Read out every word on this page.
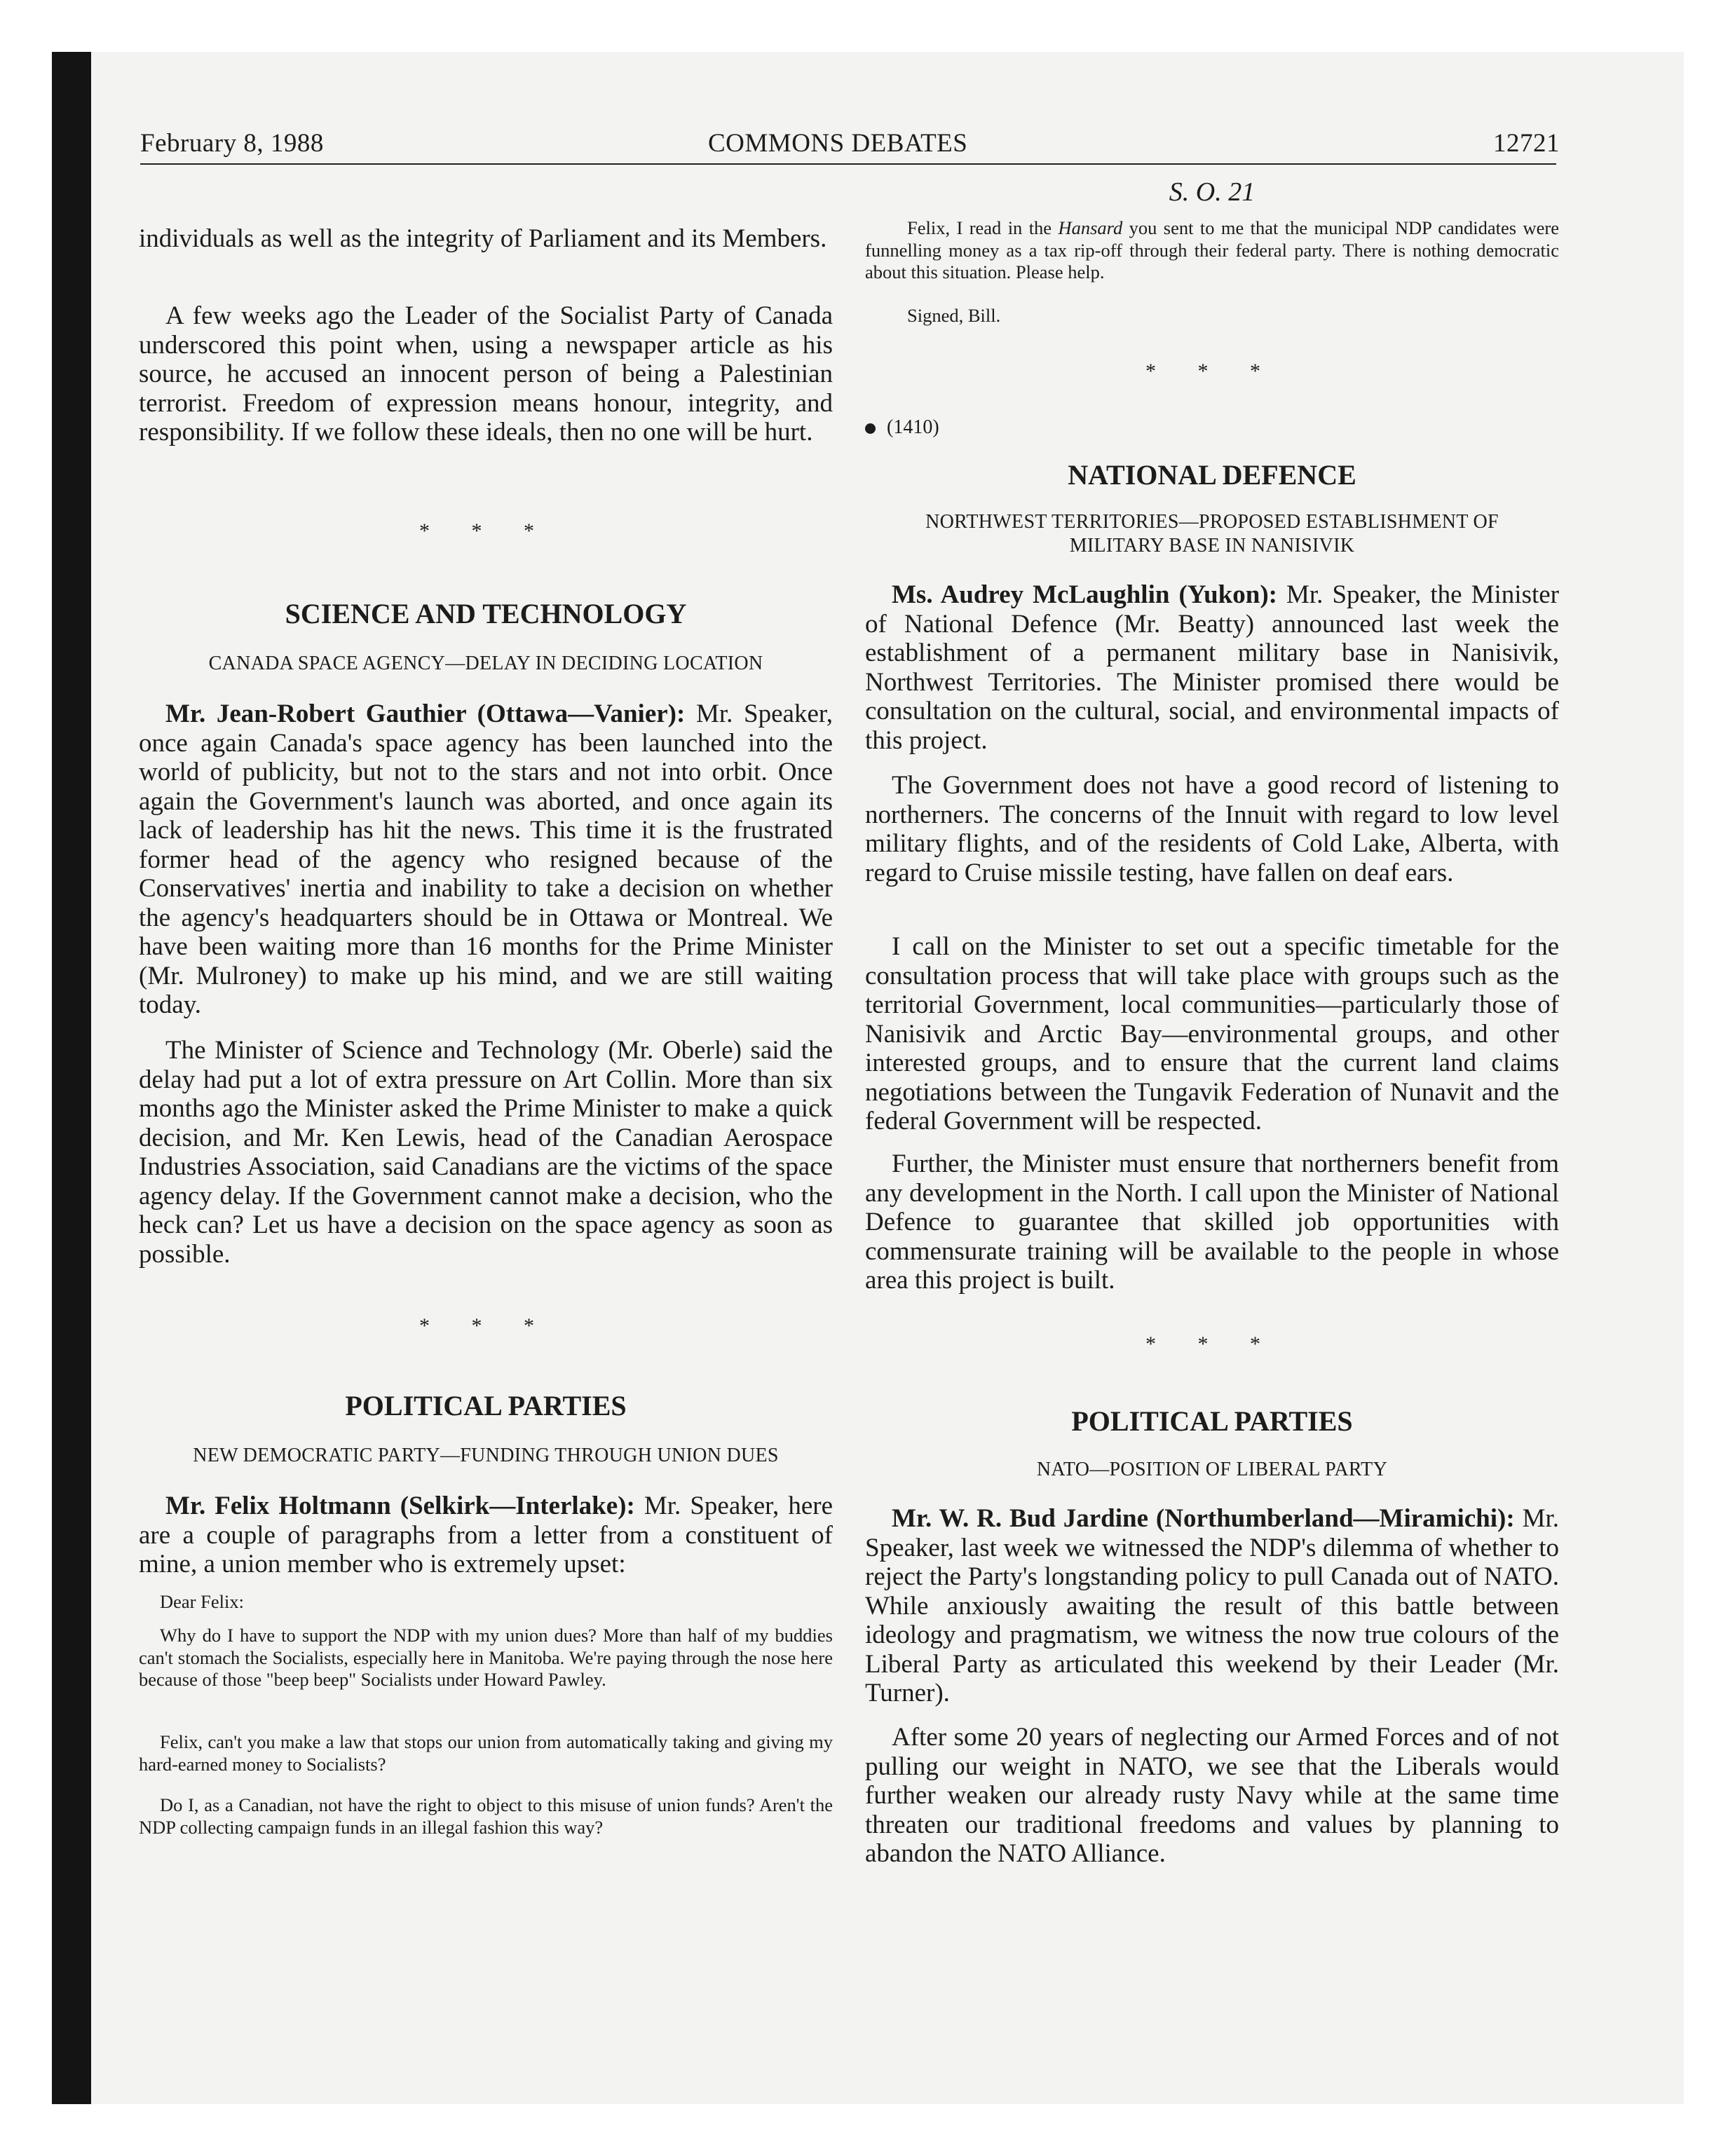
February 8, 1988	COMMONS DEBATES	12721

individuals as well as the integrity of Parliament and its Members.

A few weeks ago the Leader of the Socialist Party of Canada underscored this point when, using a newspaper article as his source, he accused an innocent person of being a Palestinian terrorist. Freedom of expression means honour, integrity, and responsibility. If we follow these ideals, then no one will be hurt.

* * *
SCIENCE AND TECHNOLOGY
CANADA SPACE AGENCY—DELAY IN DECIDING LOCATION

Mr. Jean-Robert Gauthier (Ottawa—Vanier): Mr. Speaker, once again Canada's space agency has been launched into the world of publicity, but not to the stars and not into orbit. Once again the Government's launch was aborted, and once again its lack of leadership has hit the news. This time it is the frustrated former head of the agency who resigned because of the Conservatives' inertia and inability to take a decision on whether the agency's headquarters should be in Ottawa or Montreal. We have been waiting more than 16 months for the Prime Minister (Mr. Mulroney) to make up his mind, and we are still waiting today.

The Minister of Science and Technology (Mr. Oberle) said the delay had put a lot of extra pressure on Art Collin. More than six months ago the Minister asked the Prime Minister to make a quick decision, and Mr. Ken Lewis, head of the Canadian Aerospace Industries Association, said Canadians are the victims of the space agency delay. If the Government cannot make a decision, who the heck can? Let us have a decision on the space agency as soon as possible.

* * *
POLITICAL PARTIES
NEW DEMOCRATIC PARTY—FUNDING THROUGH UNION DUES

Mr. Felix Holtmann (Selkirk—Interlake): Mr. Speaker, here are a couple of paragraphs from a letter from a constituent of mine, a union member who is extremely upset:

Dear Felix:
Why do I have to support the NDP with my union dues? More than half of my buddies can't stomach the Socialists, especially here in Manitoba. We're paying through the nose here because of those "beep beep" Socialists under Howard Pawley.
Felix, can't you make a law that stops our union from automatically taking and giving my hard-earned money to Socialists?
Do I, as a Canadian, not have the right to object to this misuse of union funds? Aren't the NDP collecting campaign funds in an illegal fashion this way?
S. O. 21
Felix, I read in the Hansard you sent to me that the municipal NDP candidates were funnelling money as a tax rip-off through their federal party. There is nothing democratic about this situation. Please help.
Signed, Bill.
* * *
(1410)
NATIONAL DEFENCE
NORTHWEST TERRITORIES—PROPOSED ESTABLISHMENT OF
MILITARY BASE IN NANISIVIK

Ms. Audrey McLaughlin (Yukon): Mr. Speaker, the Minister of National Defence (Mr. Beatty) announced last week the establishment of a permanent military base in Nanisivik, Northwest Territories. The Minister promised there would be consultation on the cultural, social, and environmental impacts of this project.

The Government does not have a good record of listening to northerners. The concerns of the Innuit with regard to low level military flights, and of the residents of Cold Lake, Alberta, with regard to Cruise missile testing, have fallen on deaf ears.

I call on the Minister to set out a specific timetable for the consultation process that will take place with groups such as the territorial Government, local communities—particularly those of Nanisivik and Arctic Bay—environmental groups, and other interested groups, and to ensure that the current land claims negotiations between the Tungavik Federation of Nunavit and the federal Government will be respected.

Further, the Minister must ensure that northerners benefit from any development in the North. I call upon the Minister of National Defence to guarantee that skilled job opportunities with commensurate training will be available to the people in whose area this project is built.

* * *
POLITICAL PARTIES
NATO—POSITION OF LIBERAL PARTY

Mr. W. R. Bud Jardine (Northumberland—Miramichi): Mr. Speaker, last week we witnessed the NDP's dilemma of whether to reject the Party's longstanding policy to pull Canada out of NATO. While anxiously awaiting the result of this battle between ideology and pragmatism, we witness the now true colours of the Liberal Party as articulated this weekend by their Leader (Mr. Turner).

After some 20 years of neglecting our Armed Forces and of not pulling our weight in NATO, we see that the Liberals would further weaken our already rusty Navy while at the same time threaten our traditional freedoms and values by planning to abandon the NATO Alliance.
